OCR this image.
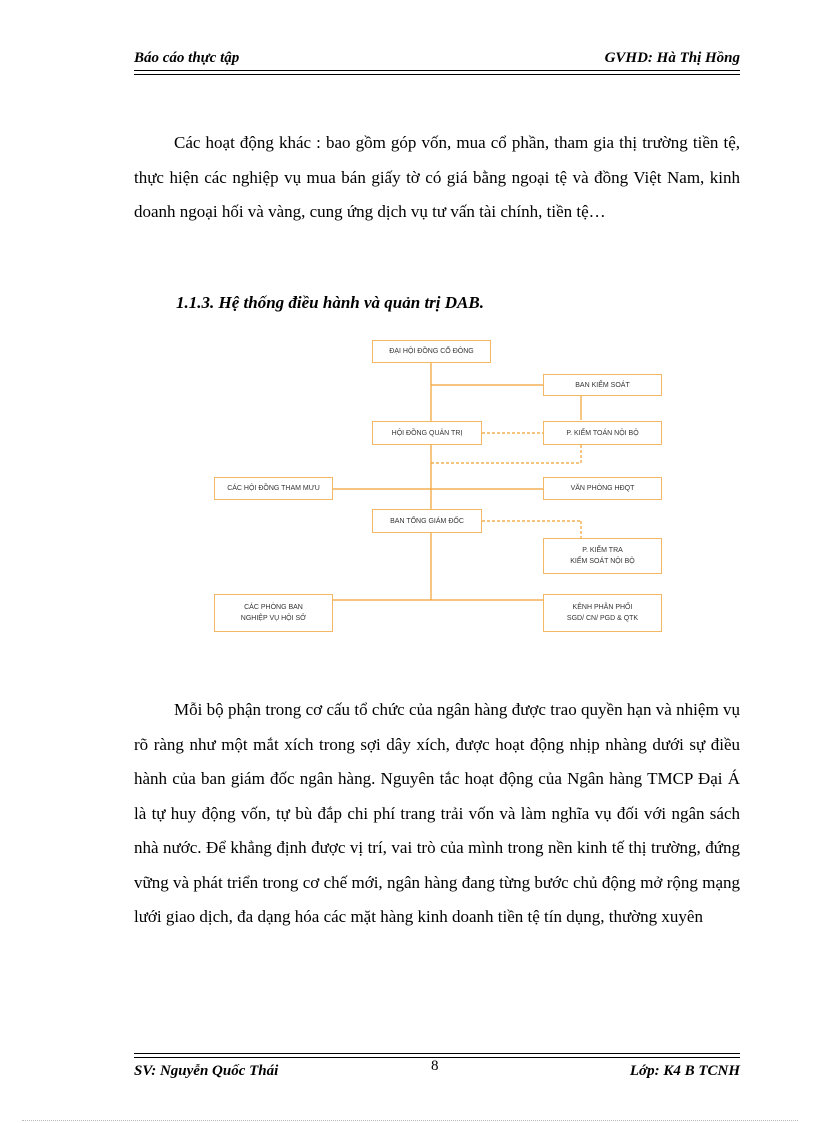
Báo cáo thực tập	GVHD: Hà Thị Hồng
Các hoạt động khác : bao gồm góp vốn, mua cổ phần, tham gia thị trường tiền tệ, thực hiện các nghiệp vụ mua bán giấy tờ có giá bằng ngoại tệ và đồng Việt Nam, kinh doanh ngoại hối và vàng, cung ứng dịch vụ tư vấn tài chính, tiền tệ…
1.1.3. Hệ thống điều hành và quản trị DAB.
ĐẠI HỘI ĐỒNG CỔ ĐÔNG
BAN KIỂM SOÁT
HỘI ĐỒNG QUẢN TRỊ	P. KIỂM TOÁN NỘI BỘ
CÁC HỘI ĐỒNG THAM MƯU	VĂN PHÒNG HĐQT
BAN TỔNG GIÁM ĐỐC
P. KIỂM TRA
KIỂM SOÁT NỘI BỘ
CÁC PHÒNG BAN
NGHIỆP VỤ HỘI SỞ
KÊNH PHÂN PHỐI
SGD/ CN/ PGD & QTK
Mỗi bộ phận trong cơ cấu tổ chức của ngân hàng được trao quyền hạn và nhiệm vụ rõ ràng như một mắt xích trong sợi dây xích, được hoạt động nhịp nhàng dưới sự điều hành của ban giám đốc ngân hàng. Nguyên tắc hoạt động của Ngân hàng TMCP Đại Á là tự huy động vốn, tự bù đắp chi phí trang trải vốn và làm nghĩa vụ đối với ngân sách nhà nước. Để khẳng định được vị trí, vai trò của mình trong nền kinh tế thị trường, đứng vững và phát triển trong cơ chế mới, ngân hàng đang từng bước chủ động mở rộng mạng lưới giao dịch, đa dạng hóa các mặt hàng kinh doanh tiền tệ tín dụng, thường xuyên
SV: Nguyễn Quốc Thái	8	Lớp: K4 B TCNH
